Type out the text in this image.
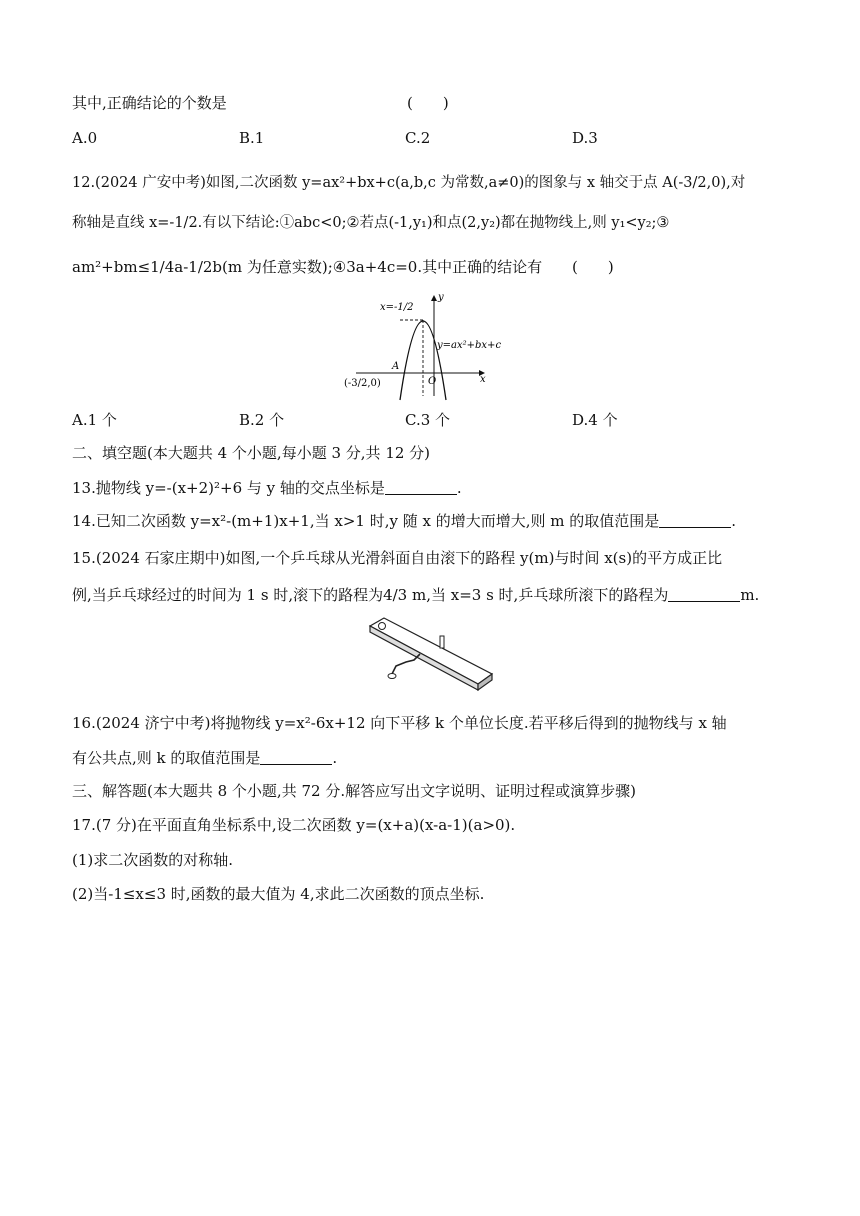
其中,正确结论的个数是	(　　)
A.0	B.1	C.2	D.3
12.(2024 广安中考)如图,二次函数 y=ax²+bx+c(a,b,c 为常数,a≠0)的图象与 x 轴交于点 A(-3/2,0),对
称轴是直线 x=-1/2.有以下结论:①abc<0;②若点(-1,y₁)和点(2,y₂)都在抛物线上,则 y₁<y₂;③
am²+bm≤1/4a-1/2b(m 为任意实数);④3a+4c=0.其中正确的结论有 (　　)
x=-1/2
y=ax²+bx+c
A
(-3/2,0)	O	x
y
A.1 个	B.2 个	C.3 个	D.4 个
二、填空题(本大题共 4 个小题,每小题 3 分,共 12 分)
13.抛物线 y=-(x+2)²+6 与 y 轴的交点坐标是	.
14.已知二次函数 y=x²-(m+1)x+1,当 x>1 时,y 随 x 的增大而增大,则 m 的取值范围是	.
15.(2024 石家庄期中)如图,一个乒乓球从光滑斜面自由滚下的路程 y(m)与时间 x(s)的平方成正比
例,当乒乓球经过的时间为 1 s 时,滚下的路程为4/3 m,当 x=3 s 时,乒乓球所滚下的路程为	m.
16.(2024 济宁中考)将抛物线 y=x²-6x+12 向下平移 k 个单位长度.若平移后得到的抛物线与 x 轴
有公共点,则 k 的取值范围是	.
三、解答题(本大题共 8 个小题,共 72 分.解答应写出文字说明、证明过程或演算步骤)
17.(7 分)在平面直角坐标系中,设二次函数 y=(x+a)(x-a-1)(a>0).
(1)求二次函数的对称轴.
(2)当-1≤x≤3 时,函数的最大值为 4,求此二次函数的顶点坐标.
